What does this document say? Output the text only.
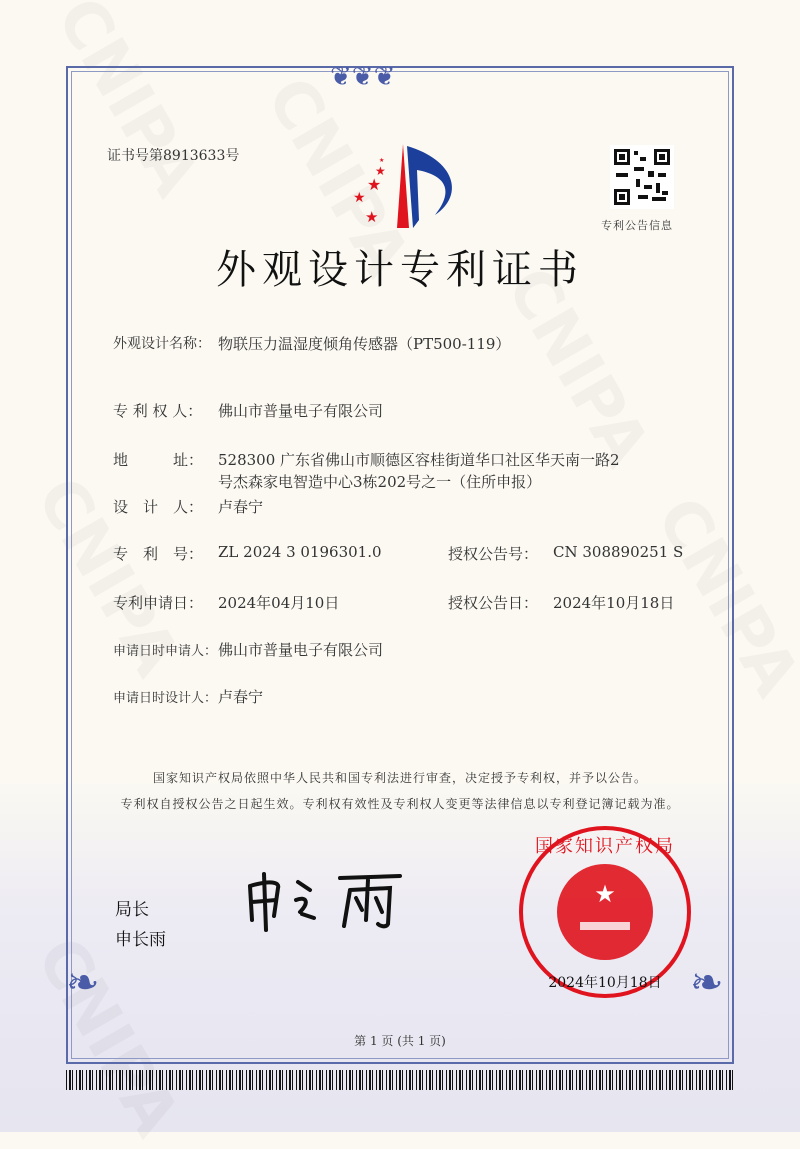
❦❦❦
❧	❧
证书号第8913633号
★
★
★
★
★
专利公告信息
外观设计专利证书
外观设计名称： 物联压力温湿度倾角传感器（PT500-119）
专 利 权 人： 佛山市普量电子有限公司
地　　　址： 528300 广东省佛山市顺德区容桂街道华口社区华天南一路2
号杰森家电智造中心3栋202号之一（住所申报）
设　计　人： 卢春宁
专　利　号： ZL 2024 3 0196301.0	授权公告号： CN 308890251 S
专利申请日： 2024年04月10日	授权公告日： 2024年10月18日
申请日时申请人： 佛山市普量电子有限公司
申请日时设计人： 卢春宁
国家知识产权局依照中华人民共和国专利法进行审查，决定授予专利权，并予以公告。
专利权自授权公告之日起生效。专利权有效性及专利权人变更等法律信息以专利登记簿记载为准。
局长
申长雨
★
2024年10月18日
国家知识产权局
第 1 页 (共 1 页)
